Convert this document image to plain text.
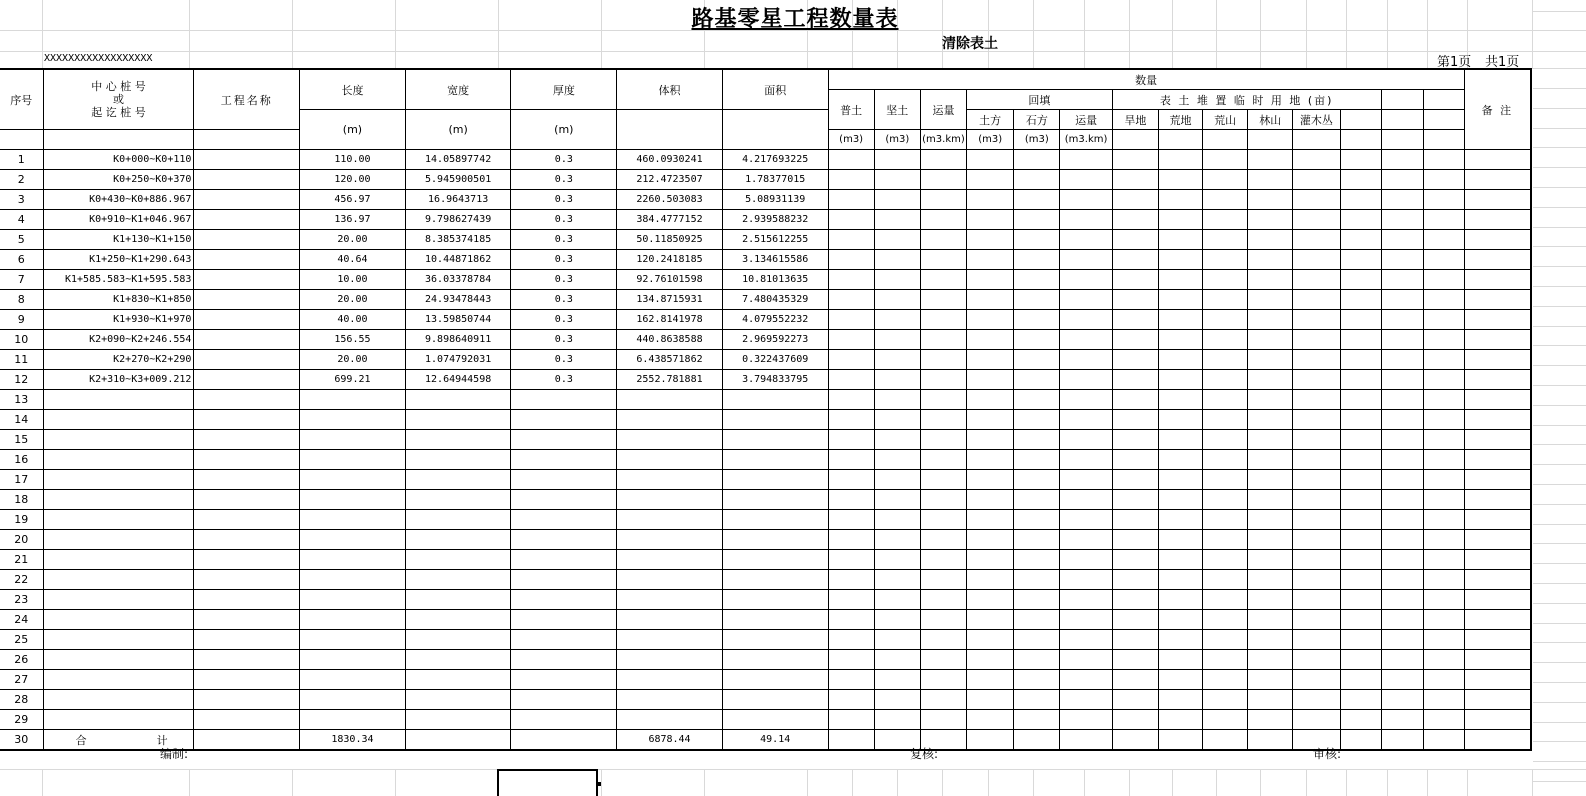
路基零星工程数量表
清除表土
XXXXXXXXXXXXXXXXXX	第1页 共1页
序号	中 心 桩 号
或
起 讫 桩 号	工程名称	长度	宽度	厚度	体积	面积	数量														备 注
								普土	坚土	运量	回填			表 土 堆 置 临 时 用 地 (亩)								
			(m)	(m)	(m)						土方	石方	运量	旱地	荒地	荒山	林山	灌木丛				
								(m3)	(m3)	(m3.km)	(m3)	(m3)	(m3.km)									
1	K0+000~K0+110		110.00	14.05897742	0.3	460.0930241	4.217693225															
2	K0+250~K0+370		120.00	5.945900501	0.3	212.4723507	1.78377015															
3	K0+430~K0+886.967		456.97	16.9643713	0.3	2260.503083	5.08931139															
4	K0+910~K1+046.967		136.97	9.798627439	0.3	384.4777152	2.939588232															
5	K1+130~K1+150		20.00	8.385374185	0.3	50.11850925	2.515612255															
6	K1+250~K1+290.643		40.64	10.44871862	0.3	120.2418185	3.134615586															
7	K1+585.583~K1+595.583		10.00	36.03378784	0.3	92.76101598	10.81013635															
8	K1+830~K1+850		20.00	24.93478443	0.3	134.8715931	7.480435329															
9	K1+930~K1+970		40.00	13.59850744	0.3	162.8141978	4.079552232															
10	K2+090~K2+246.554		156.55	9.898640911	0.3	440.8638588	2.969592273															
11	K2+270~K2+290		20.00	1.074792031	0.3	6.438571862	0.322437609															
12	K2+310~K3+009.212		699.21	12.64944598	0.3	2552.781881	3.794833795															
13																						
14																						
15																						
16																						
17																						
18																						
19																						
20																						
21																						
22																						
23																						
24																						
25																						
26																						
27																						
28																						
29																						
30	合 计		1830.34			6878.44	49.14															
编制:	复核:	审核:
